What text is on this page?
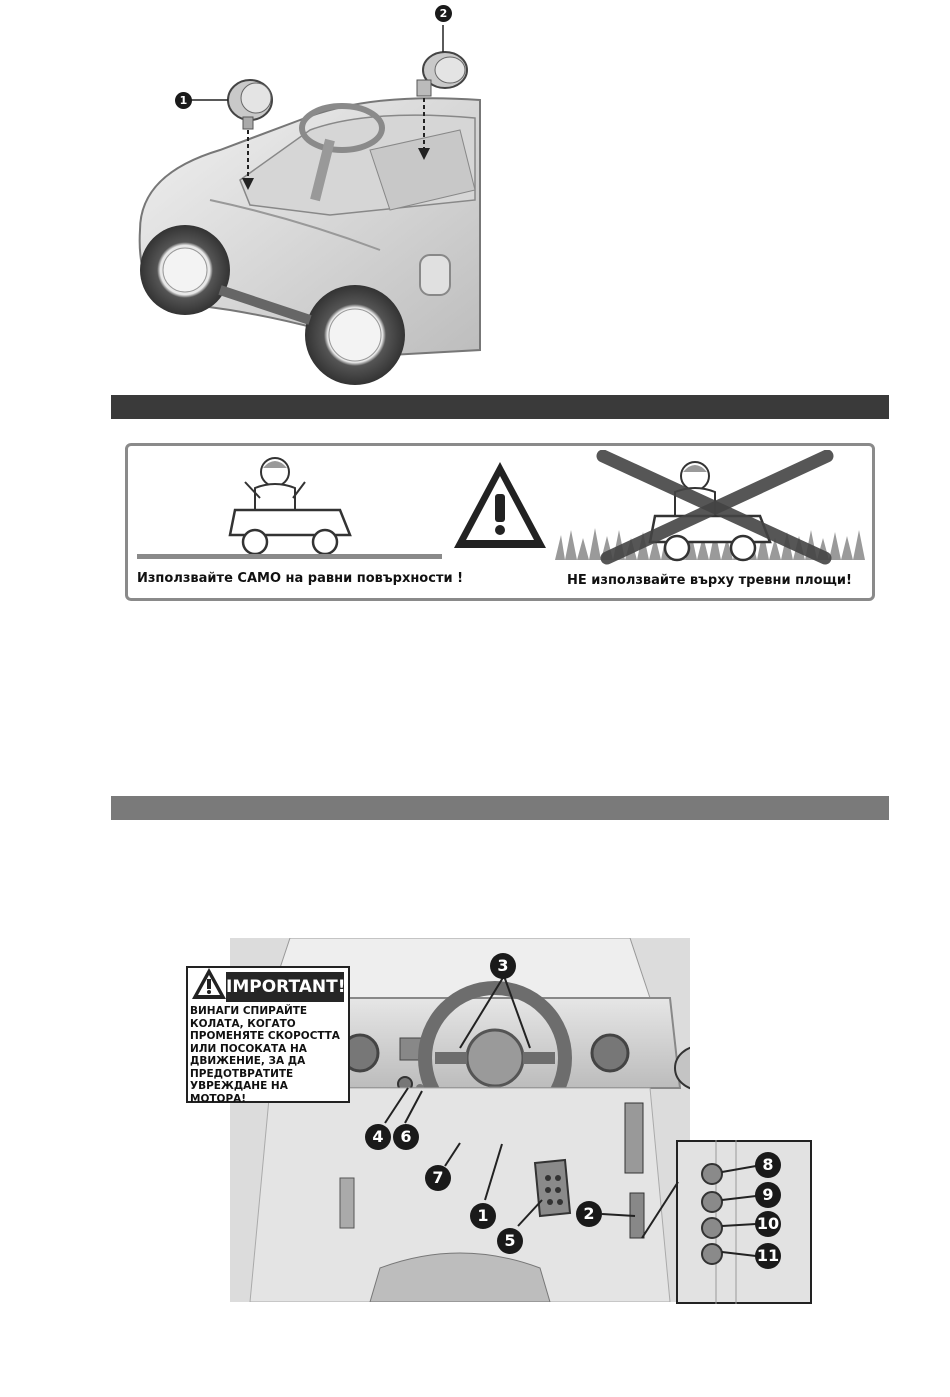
1
2
Използвайте САМО на равни повърхности !	НЕ използвайте върху тревни площи!
IMPORTANT!
ВИНАГИ СПИРАЙТЕ
КОЛАТА, КОГАТО
ПРОМЕНЯТЕ СКОРОСТТА
ИЛИ ПОСОКАТА НА
ДВИЖЕНИЕ, ЗА ДА
ПРЕДОТВРАТИТЕ
УВРЕЖДАНЕ НА
МОТОРА!
3
4	6
7
1
5
2
8
9
10
11
